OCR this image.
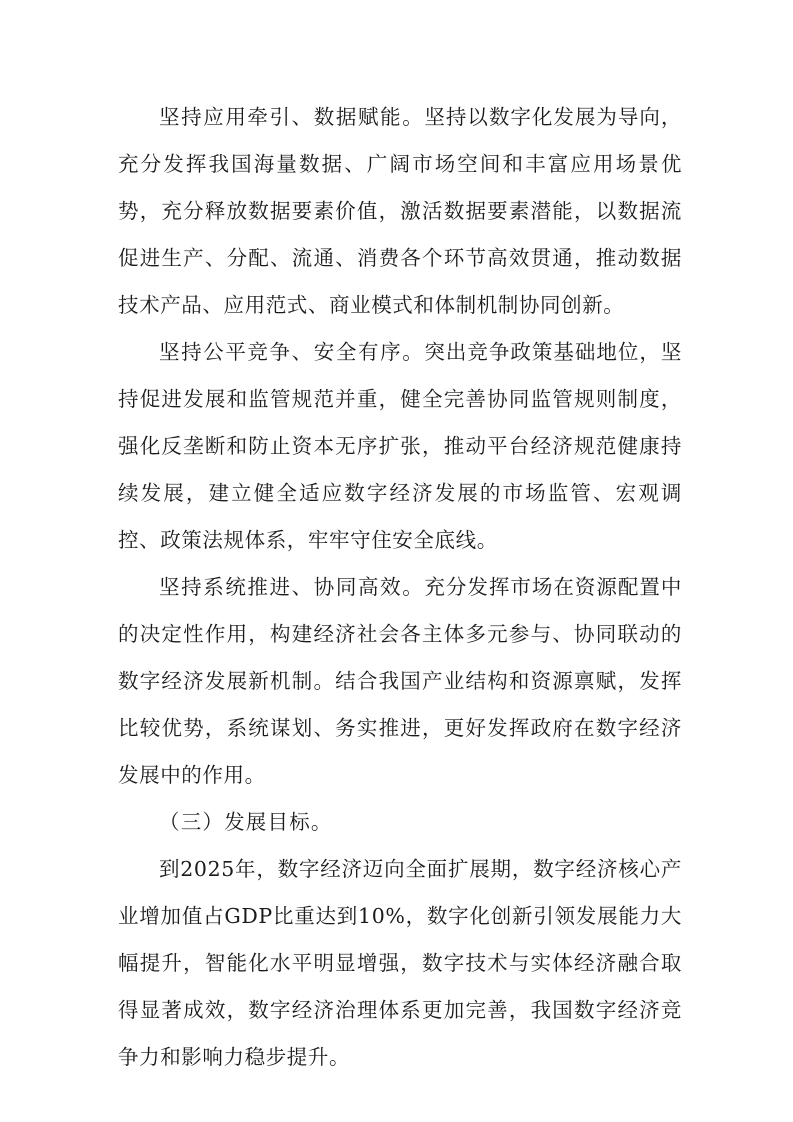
坚持应用牵引、数据赋能。坚持以数字化发展为导向，充分发挥我国海量数据、广阔市场空间和丰富应用场景优势，充分释放数据要素价值，激活数据要素潜能，以数据流促进生产、分配、流通、消费各个环节高效贯通，推动数据技术产品、应用范式、商业模式和体制机制协同创新。

坚持公平竞争、安全有序。突出竞争政策基础地位，坚持促进发展和监管规范并重，健全完善协同监管规则制度，强化反垄断和防止资本无序扩张，推动平台经济规范健康持续发展，建立健全适应数字经济发展的市场监管、宏观调控、政策法规体系，牢牢守住安全底线。

坚持系统推进、协同高效。充分发挥市场在资源配置中的决定性作用，构建经济社会各主体多元参与、协同联动的数字经济发展新机制。结合我国产业结构和资源禀赋，发挥比较优势，系统谋划、务实推进，更好发挥政府在数字经济发展中的作用。

（三）发展目标。

到2025年，数字经济迈向全面扩展期，数字经济核心产业增加值占GDP比重达到10%，数字化创新引领发展能力大幅提升，智能化水平明显增强，数字技术与实体经济融合取得显著成效，数字经济治理体系更加完善，我国数字经济竞争力和影响力稳步提升。
